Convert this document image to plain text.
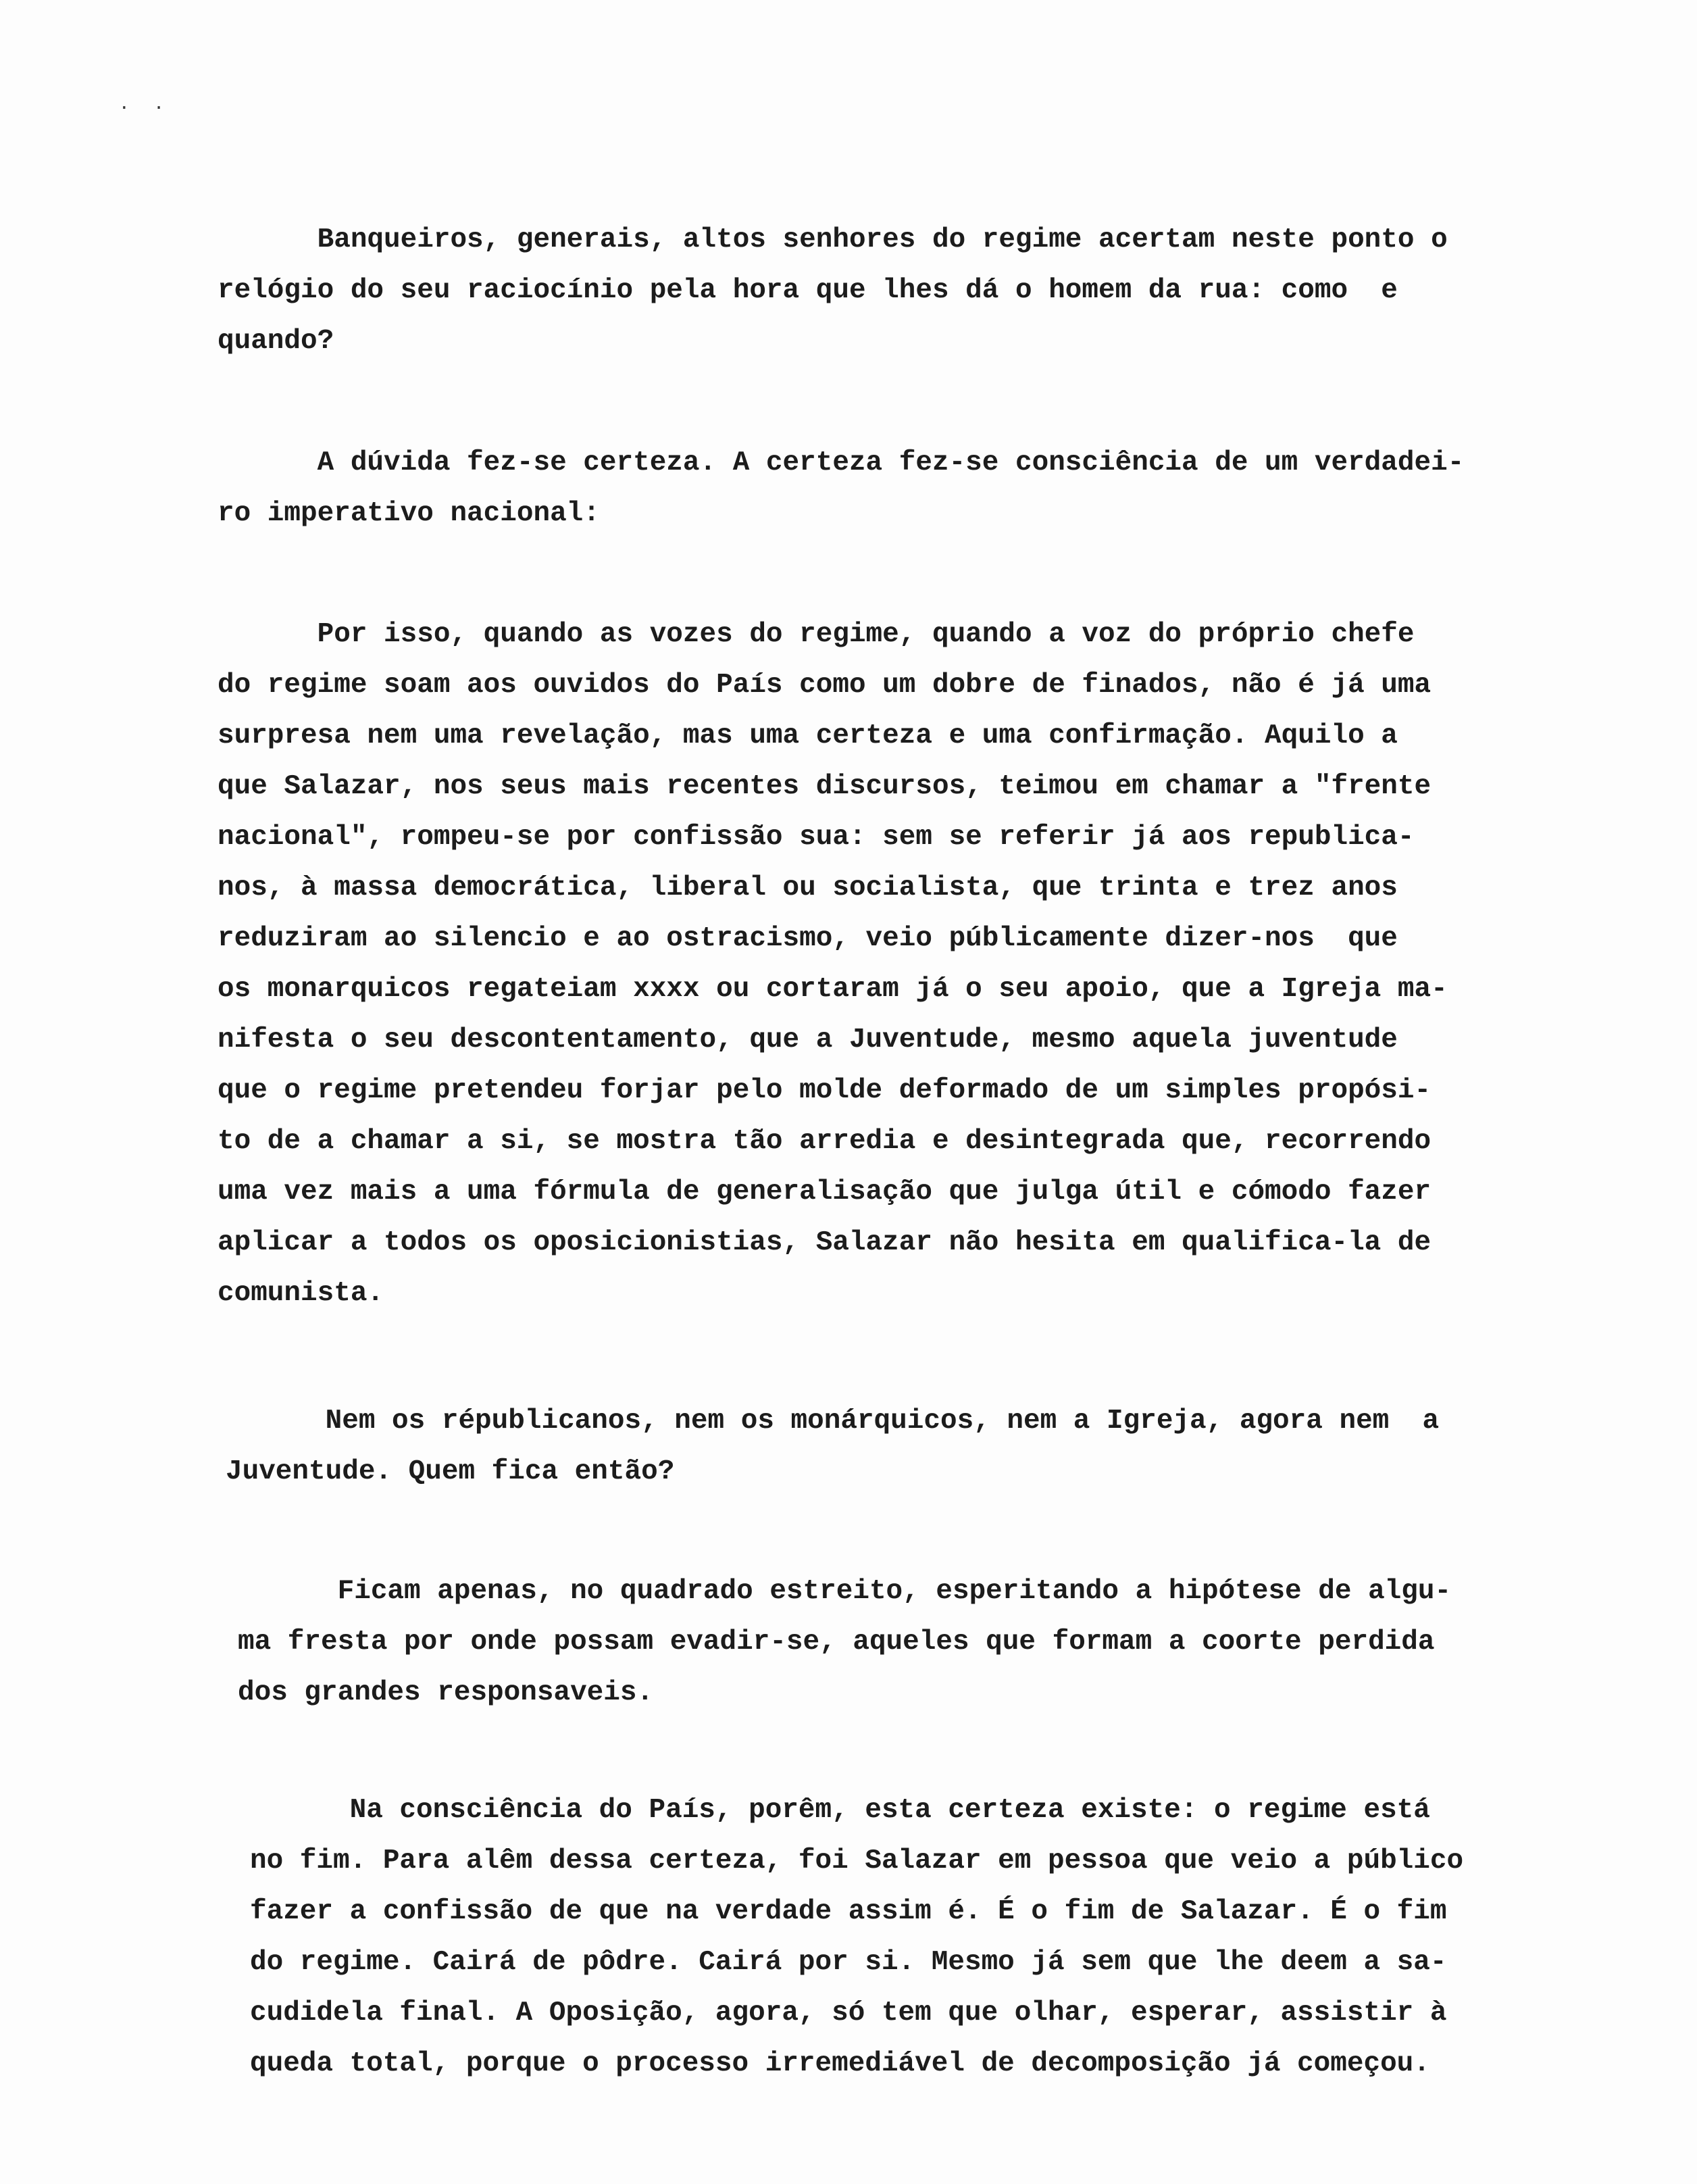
. .
Banqueiros, generais, altos senhores do regime acertam neste ponto o
relógio do seu raciocínio pela hora que lhes dá o homem da rua: como  e
quando?
A dúvida fez-se certeza. A certeza fez-se consciência de um verdadei-
ro imperativo nacional:
Por isso, quando as vozes do regime, quando a voz do próprio chefe
do regime soam aos ouvidos do País como um dobre de finados, não é já uma
surpresa nem uma revelação, mas uma certeza e uma confirmação. Aquilo a
que Salazar, nos seus mais recentes discursos, teimou em chamar a "frente
nacional", rompeu-se por confissão sua: sem se referir já aos republica-
nos, à massa democrática, liberal ou socialista, que trinta e trez anos
reduziram ao silencio e ao ostracismo, veio públicamente dizer-nos  que
os monarquicos regateiam xxxx ou cortaram já o seu apoio, que a Igreja ma-
nifesta o seu descontentamento, que a Juventude, mesmo aquela juventude
que o regime pretendeu forjar pelo molde deformado de um simples propósi-
to de a chamar a si, se mostra tão arredia e desintegrada que, recorrendo
uma vez mais a uma fórmula de generalisação que julga útil e cómodo fazer
aplicar a todos os oposicionistias, Salazar não hesita em qualifica-la de
comunista.
Nem os républicanos, nem os monárquicos, nem a Igreja, agora nem  a
Juventude. Quem fica então?
Ficam apenas, no quadrado estreito, esperitando a hipótese de algu-
ma fresta por onde possam evadir-se, aqueles que formam a coorte perdida
dos grandes responsaveis.
Na consciência do País, porêm, esta certeza existe: o regime está
no fim. Para alêm dessa certeza, foi Salazar em pessoa que veio a público
fazer a confissão de que na verdade assim é. É o fim de Salazar. É o fim
do regime. Cairá de pôdre. Cairá por si. Mesmo já sem que lhe deem a sa-
cudidela final. A Oposição, agora, só tem que olhar, esperar, assistir à
queda total, porque o processo irremediável de decomposição já começou.
